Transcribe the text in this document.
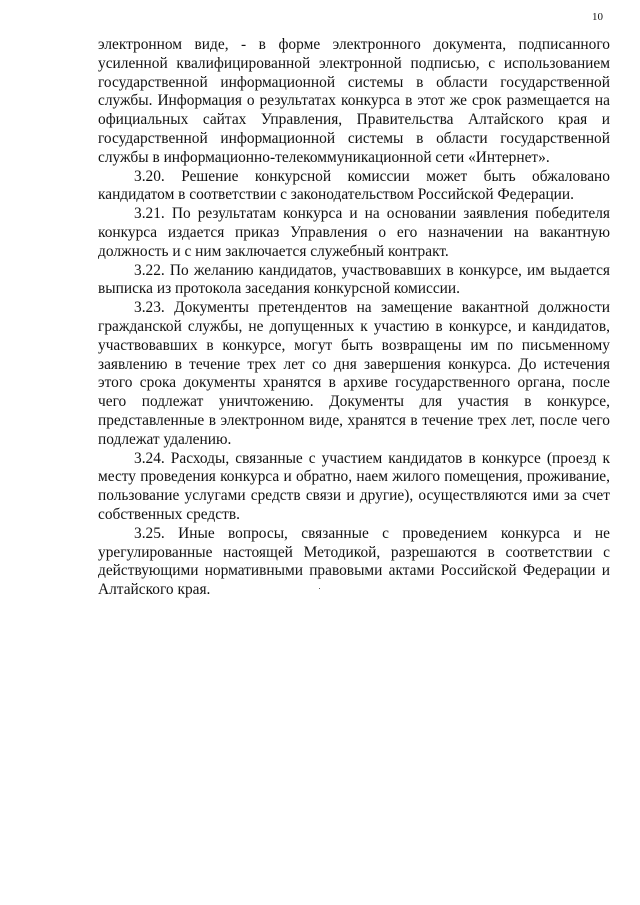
10
электронном виде, - в форме электронного документа, подписанного
усиленной квалифицированной электронной подписью, с использованием
государственной информационной системы в области государственной
службы. Информация о результатах конкурса в этот же срок размещается на
официальных сайтах Управления, Правительства Алтайского края и
государственной информационной системы в области государственной
службы в информационно-телекоммуникационной сети «Интернет».
3.20. Решение конкурсной комиссии может быть обжаловано
кандидатом в соответствии с законодательством Российской Федерации.
3.21. По результатам конкурса и на основании заявления победителя
конкурса издается приказ Управления о его назначении на вакантную
должность и с ним заключается служебный контракт.
3.22. По желанию кандидатов, участвовавших в конкурсе, им выдается
выписка из протокола заседания конкурсной комиссии.
3.23. Документы претендентов на замещение вакантной должности
гражданской службы, не допущенных к участию в конкурсе, и кандидатов,
участвовавших в конкурсе, могут быть возвращены им по письменному
заявлению в течение трех лет со дня завершения конкурса. До истечения
этого срока документы хранятся в архиве государственного органа, после
чего подлежат уничтожению. Документы для участия в конкурсе,
представленные в электронном виде, хранятся в течение трех лет, после чего
подлежат удалению.
3.24. Расходы, связанные с участием кандидатов в конкурсе (проезд к
месту проведения конкурса и обратно, наем жилого помещения, проживание,
пользование услугами средств связи и другие), осуществляются ими за счет
собственных средств.
3.25. Иные вопросы, связанные с проведением конкурса и не
урегулированные настоящей Методикой, разрешаются в соответствии с
действующими нормативными правовыми актами Российской Федерации и
Алтайского края.
